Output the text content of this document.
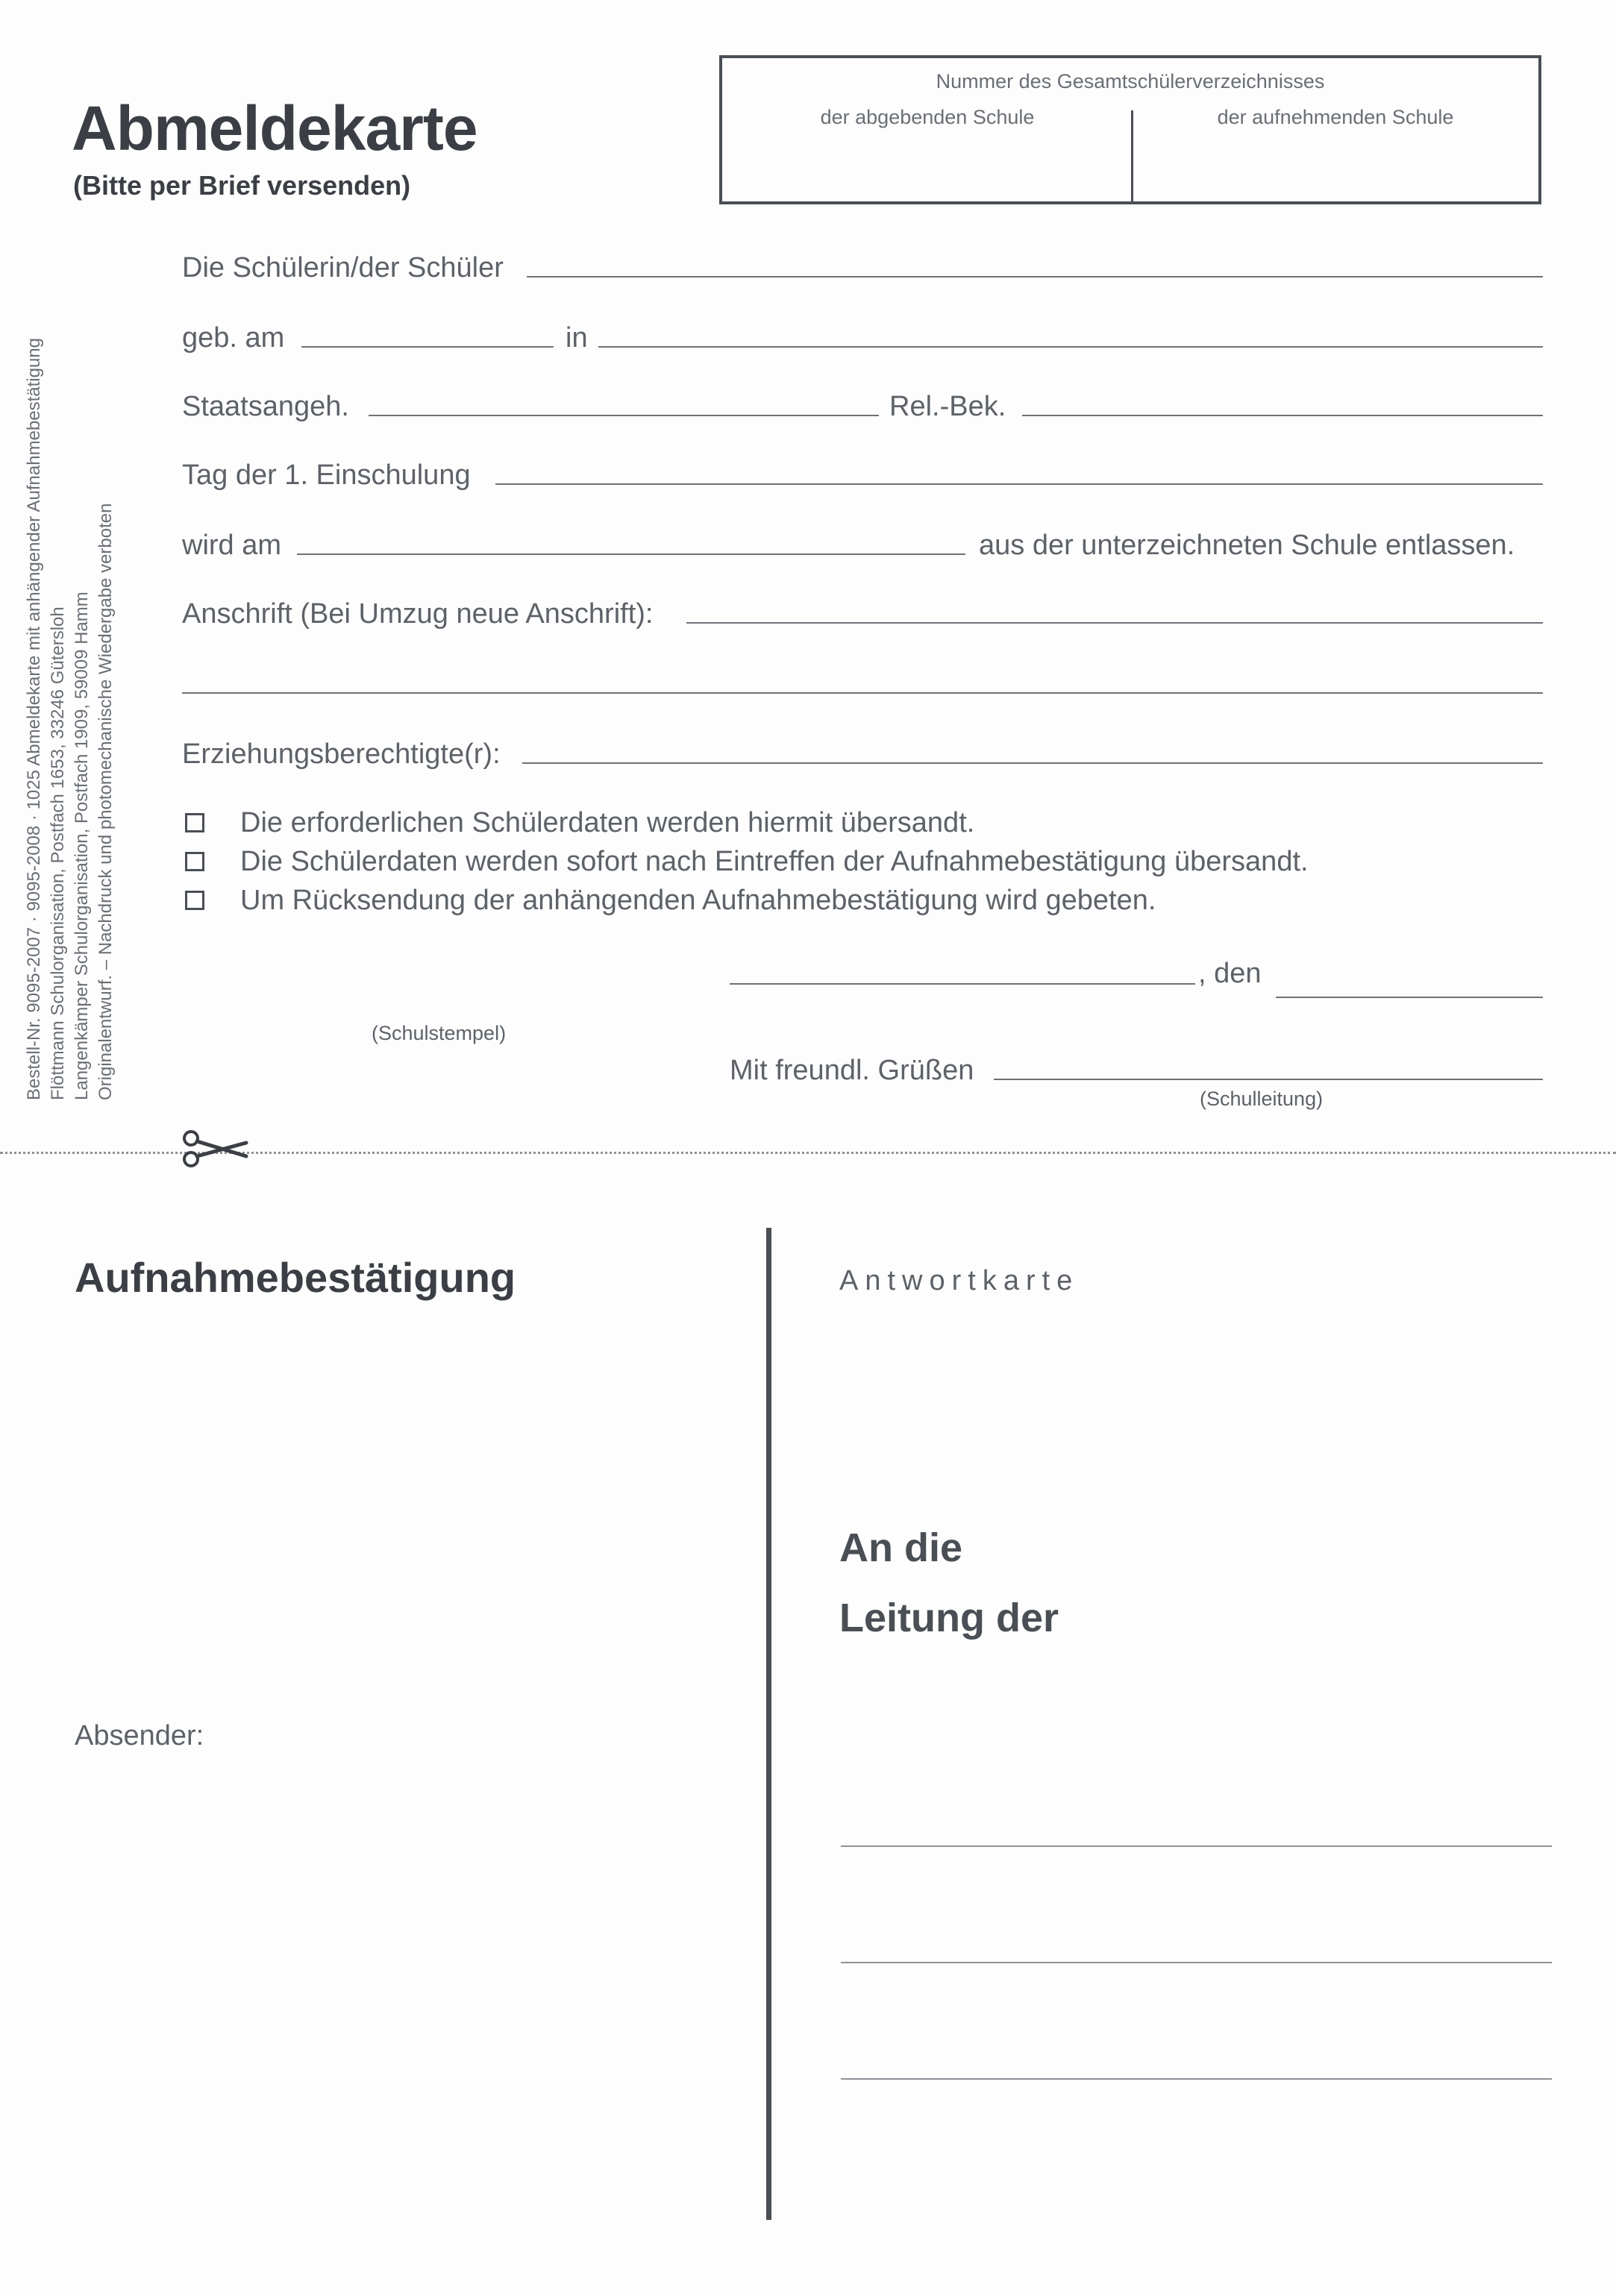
Abmeldekarte
(Bitte per Brief versenden)
Nummer des Gesamtschülerverzeichnisses
der abgebenden Schule	der aufnehmenden Schule
Bestell-Nr. 9095-2007 · 9095-2008 · 1025 Abmeldekarte mit anhängender Aufnahmebestätigung Flöttmann Schulorganisation, Postfach 1653, 33246 Gütersloh Langenkämper Schulorganisation, Postfach 1909, 59009 Hamm Originalentwurf. – Nachdruck und photomechanische Wiedergabe verboten
Die Schülerin/der Schüler
geb. am	in
Staatsangeh.	Rel.-Bek.
Tag der 1. Einschulung
wird am	aus der unterzeichneten Schule entlassen.
Anschrift (Bei Umzug neue Anschrift):
Erziehungsberechtigte(r):
Die erforderlichen Schülerdaten werden hiermit übersandt.
Die Schülerdaten werden sofort nach Eintreffen der Aufnahmebestätigung übersandt.
Um Rücksendung der anhängenden Aufnahmebestätigung wird gebeten.
, den
(Schulstempel)
Mit freundl. Grüßen
(Schulleitung)
Aufnahmebestätigung	Antwortkarte
An die
Leitung der
Absender:
